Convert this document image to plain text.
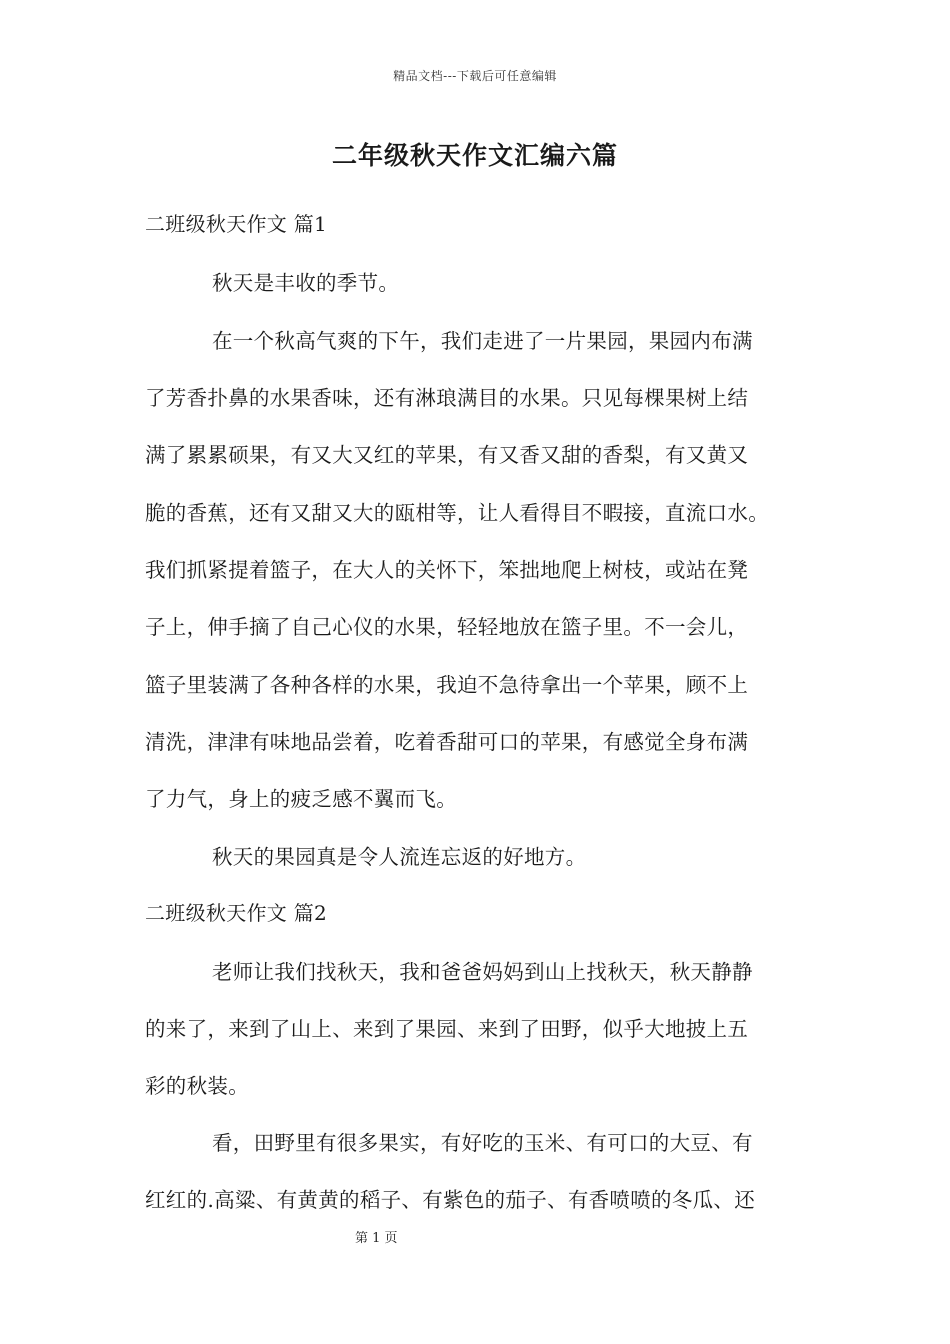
精品文档---下载后可任意编辑
二年级秋天作文汇编六篇
二班级秋天作文 篇1
秋天是丰收的季节。
在一个秋高气爽的下午，我们走进了一片果园，果园内布满
了芳香扑鼻的水果香味，还有淋琅满目的水果。只见每棵果树上结
满了累累硕果，有又大又红的苹果，有又香又甜的香梨，有又黄又
脆的香蕉，还有又甜又大的瓯柑等，让人看得目不暇接，直流口水。
我们抓紧提着篮子，在大人的关怀下，笨拙地爬上树枝，或站在凳
子上，伸手摘了自己心仪的水果，轻轻地放在篮子里。不一会儿，
篮子里装满了各种各样的水果，我迫不急待拿出一个苹果，顾不上
清洗，津津有味地品尝着，吃着香甜可口的苹果，有感觉全身布满
了力气，身上的疲乏感不翼而飞。
秋天的果园真是令人流连忘返的好地方。
二班级秋天作文 篇2
老师让我们找秋天，我和爸爸妈妈到山上找秋天，秋天静静
的来了，来到了山上、来到了果园、来到了田野，似乎大地披上五
彩的秋装。
看，田野里有很多果实，有好吃的玉米、有可口的大豆、有
红红的.高粱、有黄黄的稻子、有紫色的茄子、有香喷喷的冬瓜、还
第 1 页
